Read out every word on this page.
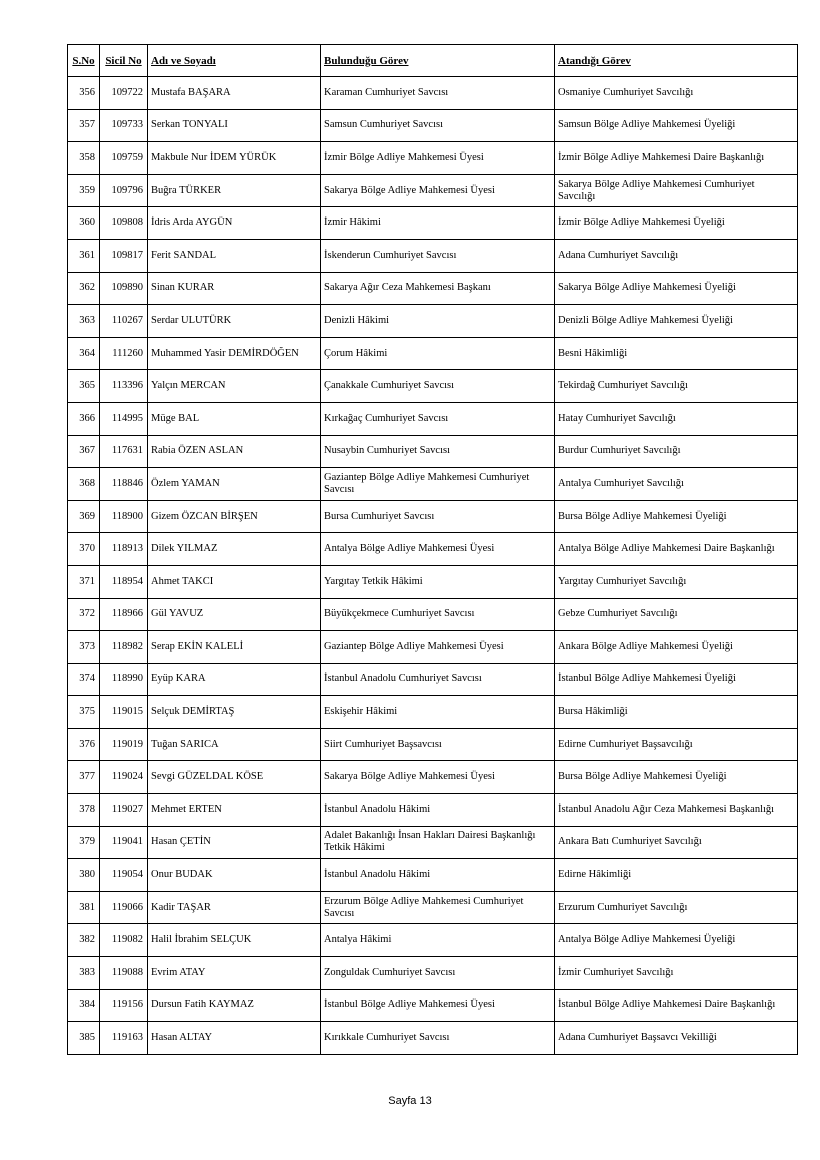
S.No	Sicil No	Adı ve Soyadı	Bulunduğu Görev	Atandığı Görev
356	109722	Mustafa BAŞARA	Karaman Cumhuriyet Savcısı	Osmaniye Cumhuriyet Savcılığı
357	109733	Serkan TONYALI	Samsun Cumhuriyet Savcısı	Samsun Bölge Adliye Mahkemesi Üyeliği
358	109759	Makbule Nur İDEM YÜRÜK	İzmir Bölge Adliye Mahkemesi Üyesi	İzmir Bölge Adliye Mahkemesi Daire Başkanlığı
359	109796	Buğra TÜRKER	Sakarya Bölge Adliye Mahkemesi Üyesi	Sakarya Bölge Adliye Mahkemesi Cumhuriyet Savcılığı
360	109808	İdris Arda AYGÜN	İzmir Hâkimi	İzmir Bölge Adliye Mahkemesi Üyeliği
361	109817	Ferit SANDAL	İskenderun Cumhuriyet Savcısı	Adana Cumhuriyet Savcılığı
362	109890	Sinan KURAR	Sakarya Ağır Ceza Mahkemesi Başkanı	Sakarya Bölge Adliye Mahkemesi Üyeliği
363	110267	Serdar ULUTÜRK	Denizli Hâkimi	Denizli Bölge Adliye Mahkemesi Üyeliği
364	111260	Muhammed Yasir DEMİRDÖĞEN	Çorum Hâkimi	Besni Hâkimliği
365	113396	Yalçın MERCAN	Çanakkale Cumhuriyet Savcısı	Tekirdağ Cumhuriyet Savcılığı
366	114995	Müge BAL	Kırkağaç Cumhuriyet Savcısı	Hatay Cumhuriyet Savcılığı
367	117631	Rabia ÖZEN ASLAN	Nusaybin Cumhuriyet Savcısı	Burdur Cumhuriyet Savcılığı
368	118846	Özlem YAMAN	Gaziantep Bölge Adliye Mahkemesi Cumhuriyet Savcısı	Antalya Cumhuriyet Savcılığı
369	118900	Gizem ÖZCAN BİRŞEN	Bursa Cumhuriyet Savcısı	Bursa Bölge Adliye Mahkemesi Üyeliği
370	118913	Dilek YILMAZ	Antalya Bölge Adliye Mahkemesi Üyesi	Antalya Bölge Adliye Mahkemesi Daire Başkanlığı
371	118954	Ahmet TAKCI	Yargıtay Tetkik Hâkimi	Yargıtay Cumhuriyet Savcılığı
372	118966	Gül YAVUZ	Büyükçekmece Cumhuriyet Savcısı	Gebze Cumhuriyet Savcılığı
373	118982	Serap EKİN KALELİ	Gaziantep Bölge Adliye Mahkemesi Üyesi	Ankara Bölge Adliye Mahkemesi Üyeliği
374	118990	Eyüp KARA	İstanbul Anadolu Cumhuriyet Savcısı	İstanbul Bölge Adliye Mahkemesi Üyeliği
375	119015	Selçuk DEMİRTAŞ	Eskişehir Hâkimi	Bursa Hâkimliği
376	119019	Tuğan SARICA	Siirt Cumhuriyet Başsavcısı	Edirne Cumhuriyet Başsavcılığı
377	119024	Sevgi GÜZELDAL KÖSE	Sakarya Bölge Adliye Mahkemesi Üyesi	Bursa Bölge Adliye Mahkemesi Üyeliği
378	119027	Mehmet ERTEN	İstanbul Anadolu Hâkimi	İstanbul Anadolu Ağır Ceza Mahkemesi Başkanlığı
379	119041	Hasan ÇETİN	Adalet Bakanlığı İnsan Hakları Dairesi Başkanlığı Tetkik Hâkimi	Ankara Batı Cumhuriyet Savcılığı
380	119054	Onur BUDAK	İstanbul Anadolu Hâkimi	Edirne Hâkimliği
381	119066	Kadir TAŞAR	Erzurum Bölge Adliye Mahkemesi Cumhuriyet Savcısı	Erzurum Cumhuriyet Savcılığı
382	119082	Halil İbrahim SELÇUK	Antalya Hâkimi	Antalya Bölge Adliye Mahkemesi Üyeliği
383	119088	Evrim ATAY	Zonguldak Cumhuriyet Savcısı	İzmir Cumhuriyet Savcılığı
384	119156	Dursun Fatih KAYMAZ	İstanbul Bölge Adliye Mahkemesi Üyesi	İstanbul Bölge Adliye Mahkemesi Daire Başkanlığı
385	119163	Hasan ALTAY	Kırıkkale Cumhuriyet Savcısı	Adana Cumhuriyet Başsavcı Vekilliği
Sayfa 13
